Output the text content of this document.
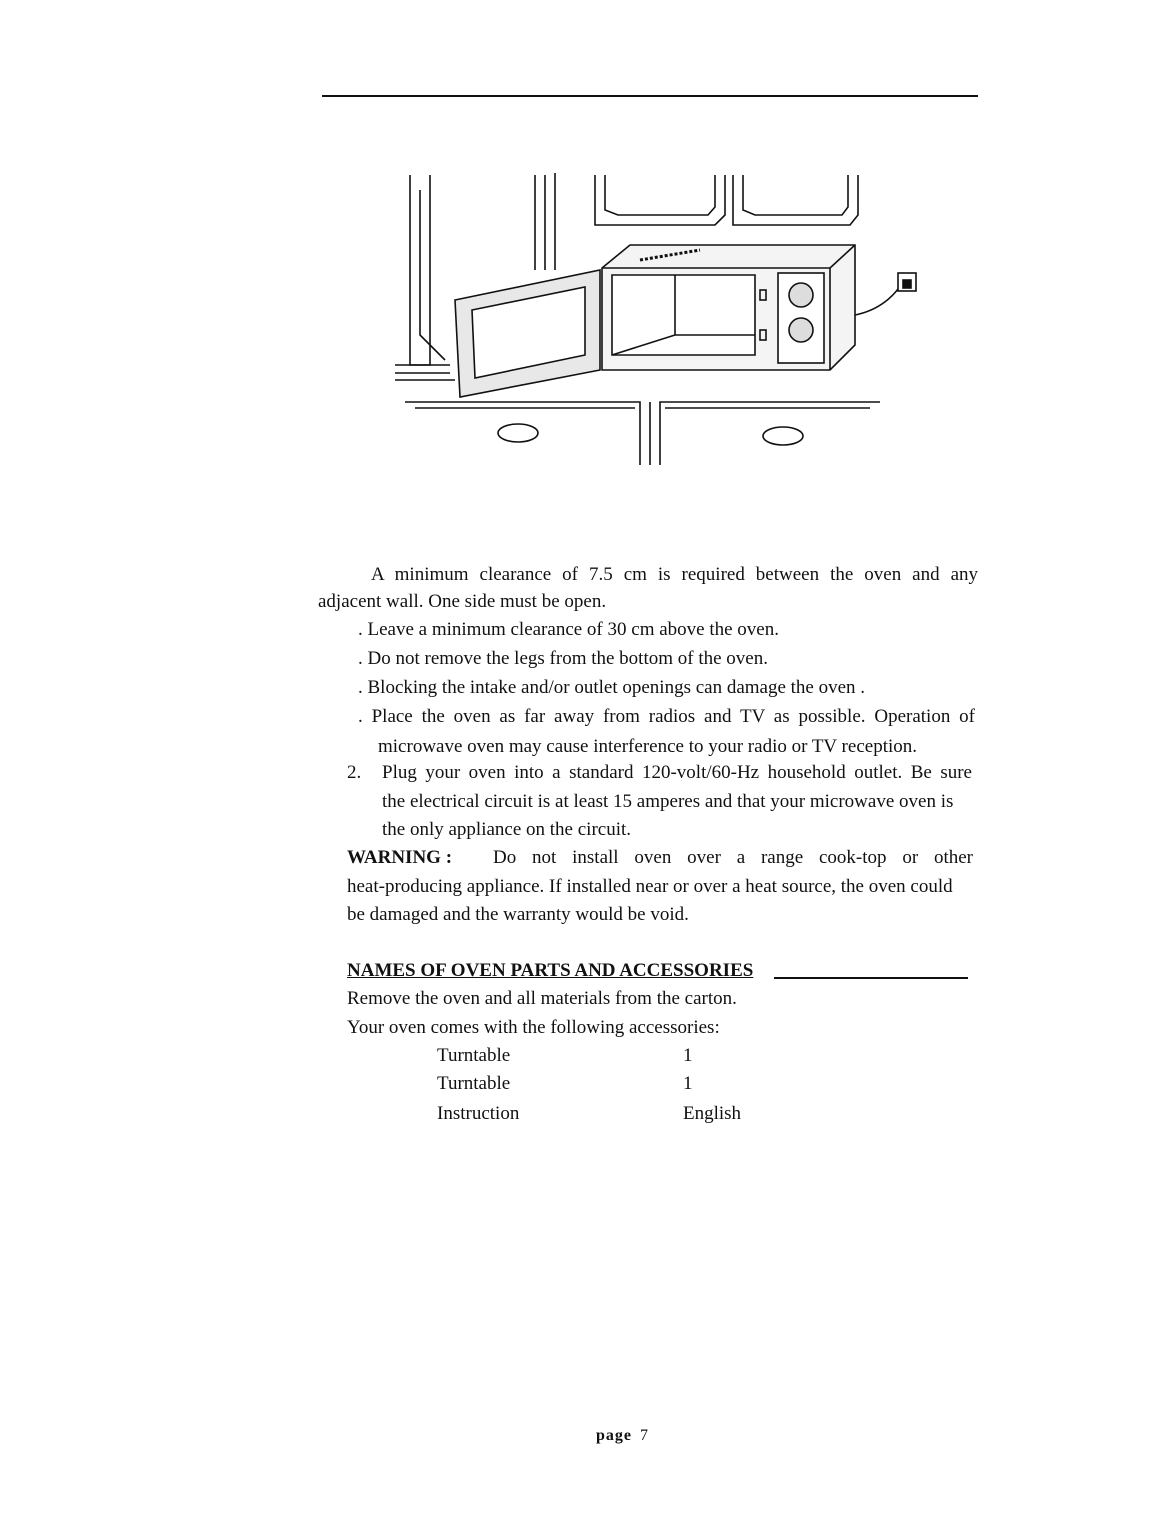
A minimum clearance of 7.5 cm is required between the oven and any
adjacent wall. One side must be open.
. Leave a minimum clearance of 30 cm above the oven.
. Do not remove the legs from the bottom of the oven.
. Blocking the intake and/or outlet openings can damage the oven .
. Place the oven as far away from radios and TV as possible. Operation of
microwave oven may cause interference to your radio or TV reception.
2. Plug your oven into a standard 120-volt/60-Hz household outlet. Be sure
the electrical circuit is at least 15 amperes and that your microwave oven is
the only appliance on the circuit.
WARNING : Do not install oven over a range cook-top or other
heat-producing appliance. If installed near or over a heat source, the oven could
be damaged and the warranty would be void.
NAMES OF OVEN PARTS AND ACCESSORIES
Remove the oven and all materials from the carton.
Your oven comes with the following accessories:
Turntable	1
Turntable	1
Instruction	English
page 7
